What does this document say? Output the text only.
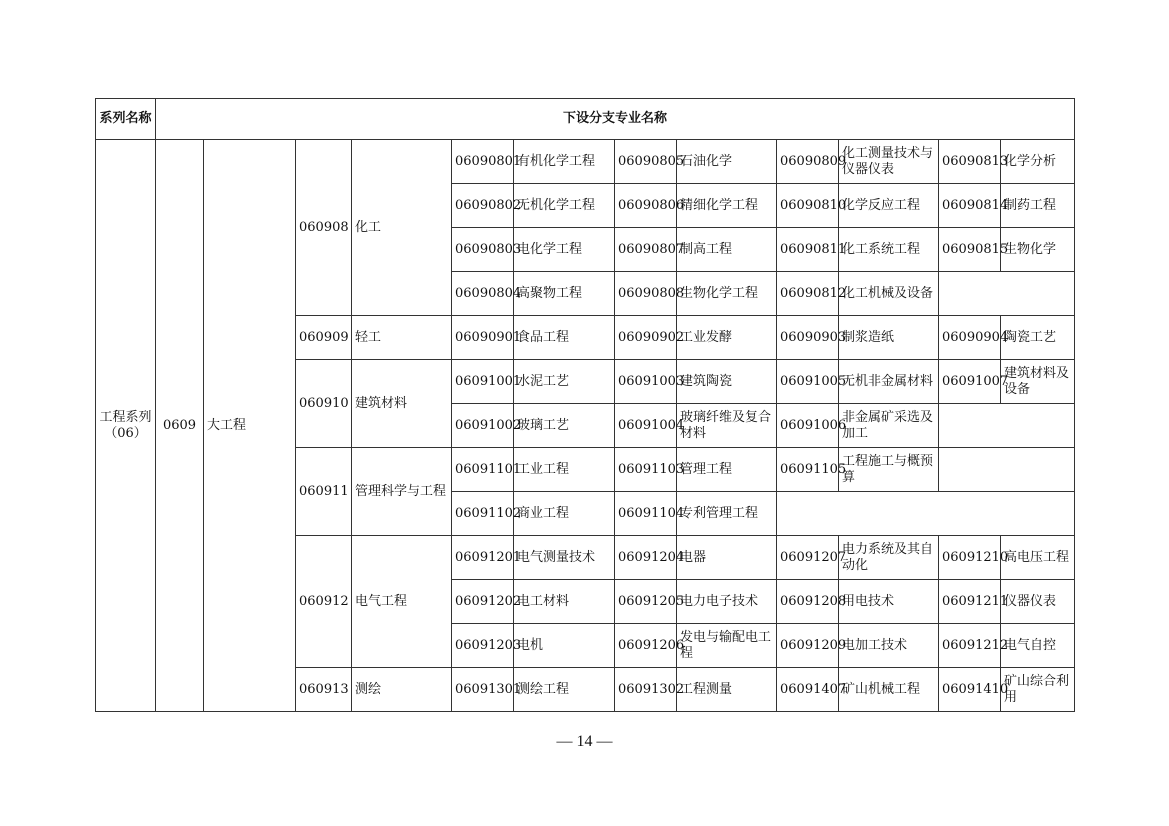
系列名称	下设分支专业名称											
工程系列（06）	0609	大工程	060908	化工	06090801	有机化学工程	06090805	石油化学	06090809	化工测量技术与仪器仪表	06090813	化学分析
					06090802	无机化学工程	06090806	精细化学工程	06090810	化学反应工程	06090814	制药工程
					06090803	电化学工程	06090807	制高工程	06090811	化工系统工程	06090815	生物化学
					06090804	高聚物工程	06090808	生物化学工程	06090812	化工机械及设备		
			060909	轻工	06090901	食品工程	06090902	工业发酵	06090903	制浆造纸	06090904	陶瓷工艺
			060910	建筑材料	06091001	水泥工艺	06091003	建筑陶瓷	06091005	无机非金属材料	06091007	建筑材料及设备
					06091002	玻璃工艺	06091004	玻璃纤维及复合材料	06091006	非金属矿采选及加工		
			060911	管理科学与工程	06091101	工业工程	06091103	管理工程	06091105	工程施工与概预算		
					06091102	商业工程	06091104	专利管理工程				
			060912	电气工程	06091201	电气测量技术	06091204	电器	06091207	电力系统及其自动化	06091210	高电压工程
					06091202	电工材料	06091205	电力电子技术	06091208	用电技术	06091211	仪器仪表
					06091203	电机	06091206	发电与输配电工程	06091209	电加工技术	06091212	电气自控
			060913	测绘	06091301	测绘工程	06091302	工程测量	06091407	矿山机械工程	06091410	矿山综合利用
— 14 —
